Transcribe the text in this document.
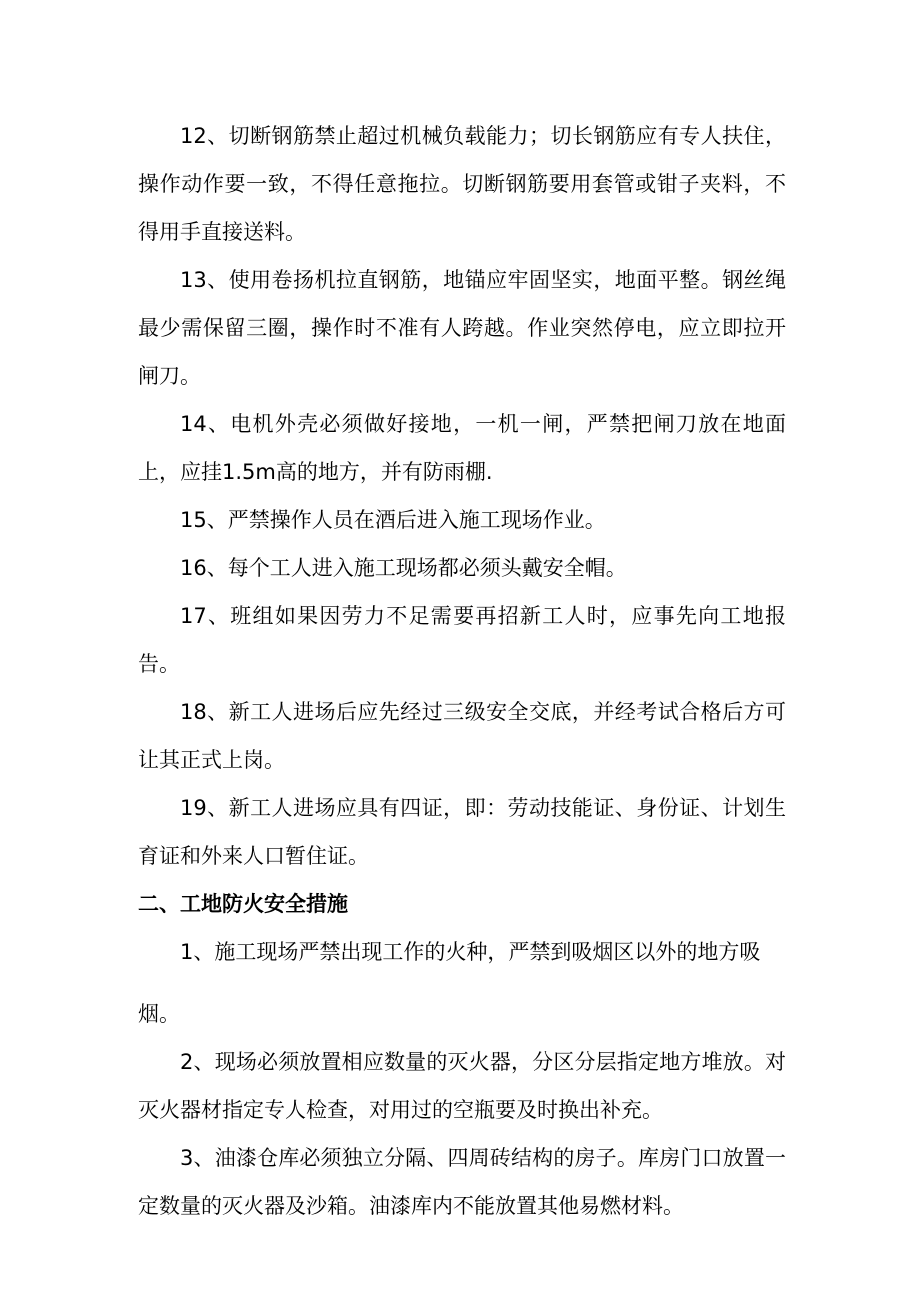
12、切断钢筋禁止超过机械负载能力；切长钢筋应有专人扶住，操作动作要一致，不得任意拖拉。切断钢筋要用套管或钳子夹料，不得用手直接送料。

13、使用卷扬机拉直钢筋，地锚应牢固坚实，地面平整。钢丝绳最少需保留三圈，操作时不准有人跨越。作业突然停电，应立即拉开闸刀。

14、电机外壳必须做好接地，一机一闸，严禁把闸刀放在地面上，应挂1.5m高的地方，并有防雨棚.

15、严禁操作人员在酒后进入施工现场作业。

16、每个工人进入施工现场都必须头戴安全帽。

17、班组如果因劳力不足需要再招新工人时，应事先向工地报告。

18、新工人进场后应先经过三级安全交底，并经考试合格后方可让其正式上岗。

19、新工人进场应具有四证，即：劳动技能证、身份证、计划生育证和外来人口暂住证。

二、工地防火安全措施

1、施工现场严禁出现工作的火种，严禁到吸烟区以外的地方吸
烟。

2、现场必须放置相应数量的灭火器，分区分层指定地方堆放。对灭火器材指定专人检查，对用过的空瓶要及时换出补充。

3、油漆仓库必须独立分隔、四周砖结构的房子。库房门口放置一定数量的灭火器及沙箱。油漆库内不能放置其他易燃材料。
